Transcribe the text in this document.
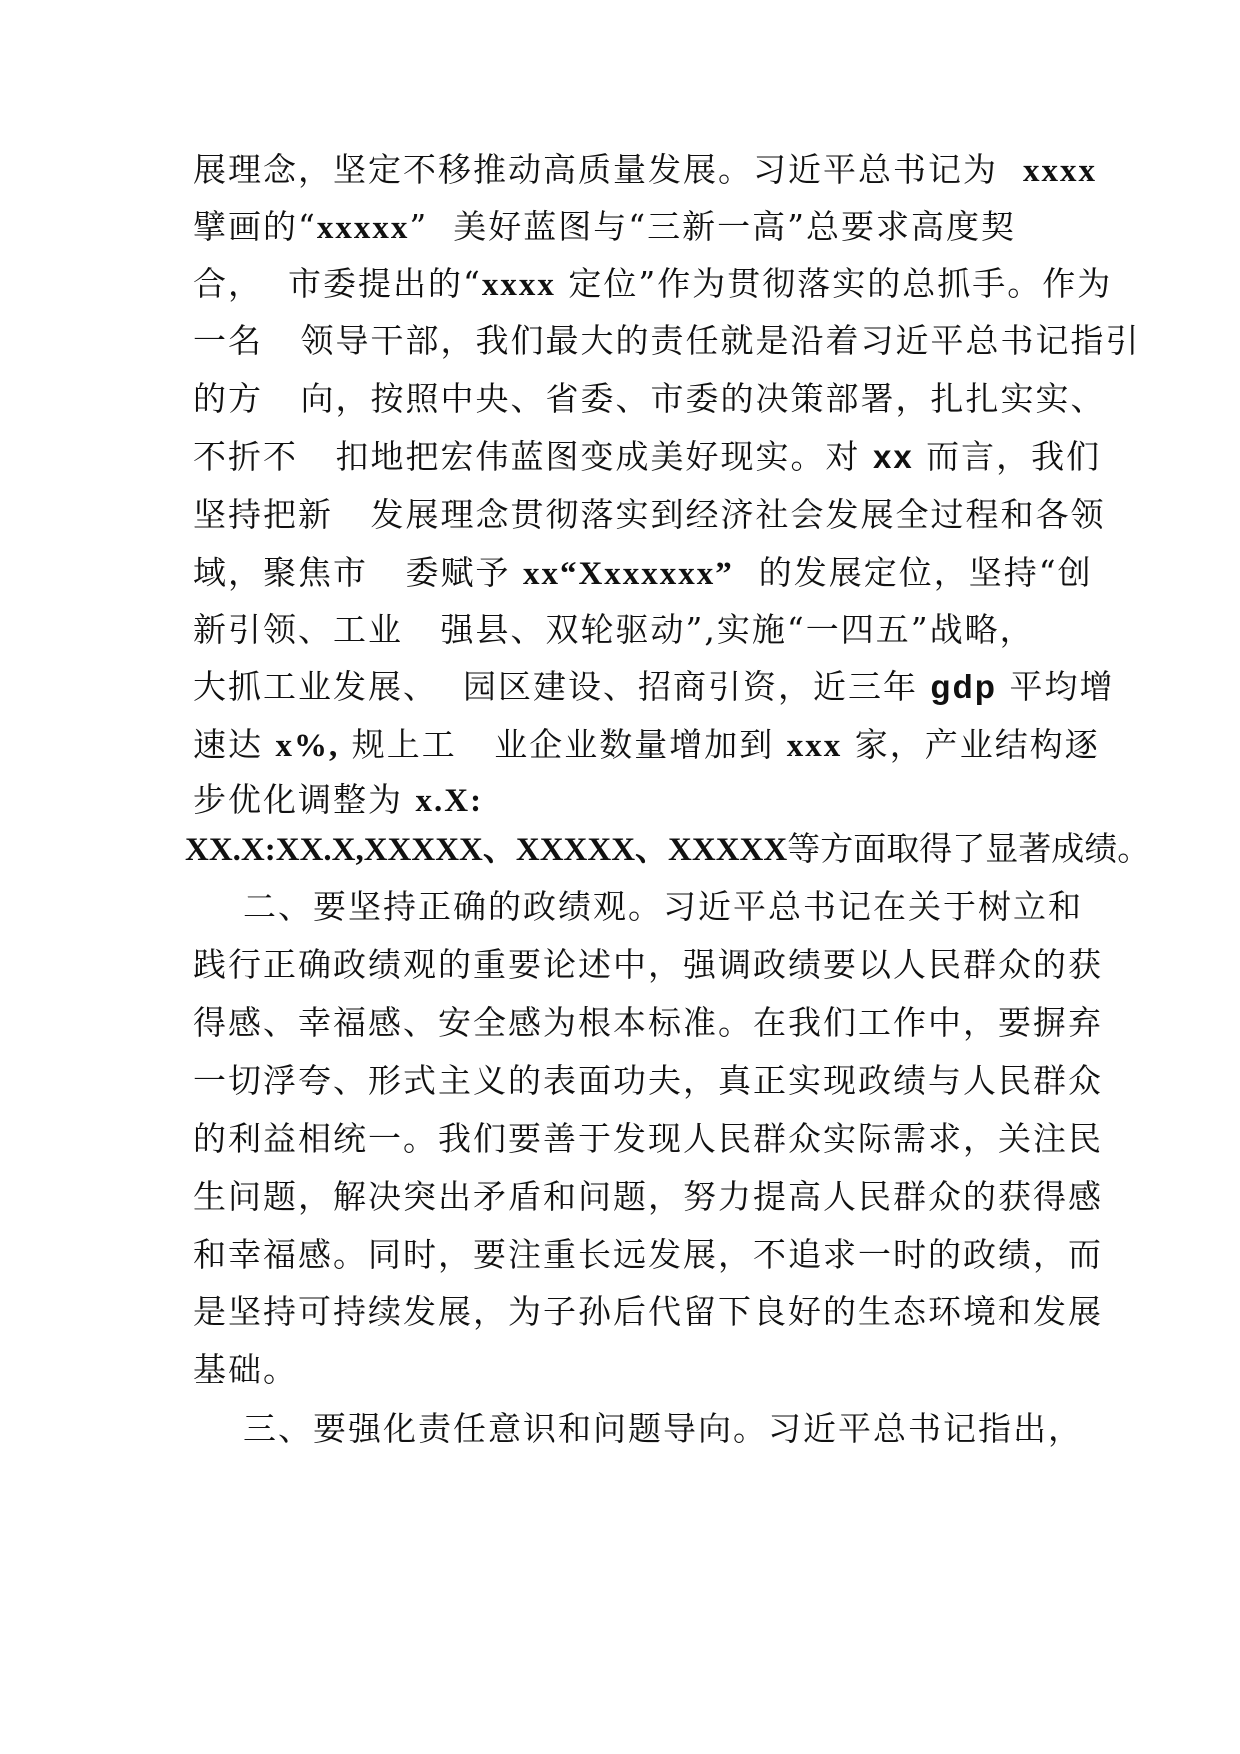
展理念，坚定不移推动高质量发展。习近平总书记为  xxxx
擘画的“xxxxx”  美好蓝图与“三新一高”总要求高度契
合，  市委提出的“xxxx 定位”作为贯彻落实的总抓手。作为
一名   领导干部，我们最大的责任就是沿着习近平总书记指引
的方   向，按照中央、省委、市委的决策部署，扎扎实实、
不折不   扣地把宏伟蓝图变成美好现实。对 xx 而言，我们
坚持把新   发展理念贯彻落实到经济社会发展全过程和各领
域，聚焦市   委赋予 xx“Xxxxxxx”  的发展定位，坚持“创
新引领、工业   强县、双轮驱动”,实施“一四五”战略，
大抓工业发展、  园区建设、招商引资，近三年 gdp 平均增
速达 x%, 规上工   业企业数量增加到 xxx 家，产业结构逐
步优化调整为 x.X:
XX.X:XX.X,XXXXX、XXXXX、XXXXX等方面取得了显著成绩。
二、要坚持正确的政绩观。习近平总书记在关于树立和
践行正确政绩观的重要论述中，强调政绩要以人民群众的获
得感、幸福感、安全感为根本标准。在我们工作中，要摒弃
一切浮夸、形式主义的表面功夫，真正实现政绩与人民群众
的利益相统一。我们要善于发现人民群众实际需求，关注民
生问题，解决突出矛盾和问题，努力提高人民群众的获得感
和幸福感。同时，要注重长远发展，不追求一时的政绩，而
是坚持可持续发展，为子孙后代留下良好的生态环境和发展
基础。
三、要强化责任意识和问题导向。习近平总书记指出，
